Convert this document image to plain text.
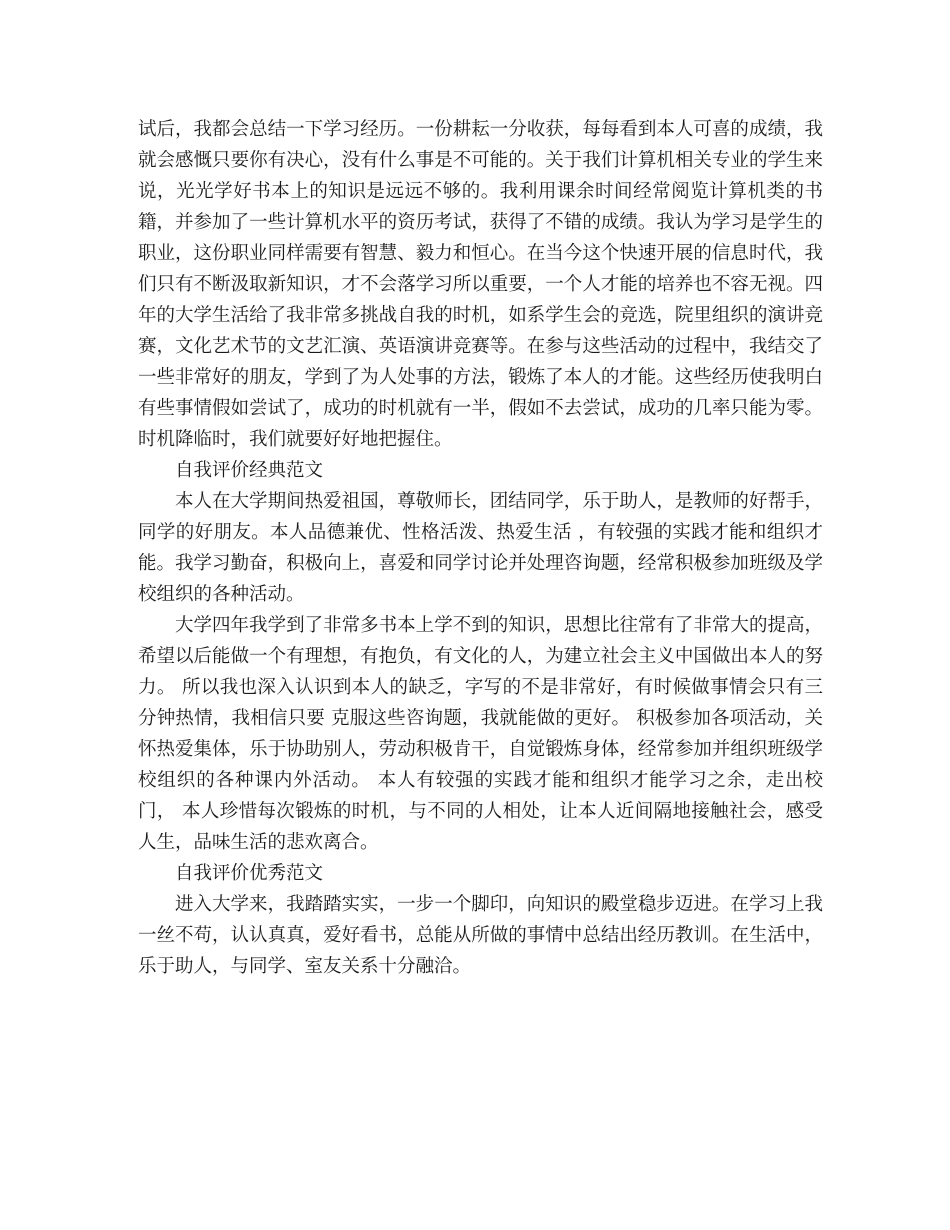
试后，我都会总结一下学习经历。一份耕耘一分收获，每每看到本人可喜的成绩，我就会感慨只要你有决心，没有什么事是不可能的。关于我们计算机相关专业的学生来说，光光学好书本上的知识是远远不够的。我利用课余时间经常阅览计算机类的书籍，并参加了一些计算机水平的资历考试，获得了不错的成绩。我认为学习是学生的职业，这份职业同样需要有智慧、毅力和恒心。在当今这个快速开展的信息时代，我们只有不断汲取新知识，才不会落学习所以重要，一个人才能的培养也不容无视。四年的大学生活给了我非常多挑战自我的时机，如系学生会的竞选，院里组织的演讲竞赛，文化艺术节的文艺汇演、英语演讲竞赛等。在参与这些活动的过程中，我结交了一些非常好的朋友，学到了为人处事的方法，锻炼了本人的才能。这些经历使我明白有些事情假如尝试了，成功的时机就有一半，假如不去尝试，成功的几率只能为零。时机降临时，我们就要好好地把握住。

自我评价经典范文

本人在大学期间热爱祖国，尊敬师长，团结同学，乐于助人，是教师的好帮手，同学的好朋友。本人品德兼优、性格活泼、热爱生活 ，有较强的实践才能和组织才能。我学习勤奋，积极向上，喜爱和同学讨论并处理咨询题，经常积极参加班级及学校组织的各种活动。

大学四年我学到了非常多书本上学不到的知识，思想比往常有了非常大的提高，希望以后能做一个有理想，有抱负，有文化的人，为建立社会主义中国做出本人的努力。 所以我也深入认识到本人的缺乏，字写的不是非常好，有时候做事情会只有三分钟热情，我相信只要 克服这些咨询题，我就能做的更好。 积极参加各项活动，关怀热爱集体，乐于协助别人，劳动积极肯干，自觉锻炼身体，经常参加并组织班级学校组织的各种课内外活动。 本人有较强的实践才能和组织才能学习之余，走出校门， 本人珍惜每次锻炼的时机，与不同的人相处，让本人近间隔地接触社会，感受人生，品味生活的悲欢离合。

自我评价优秀范文

进入大学来，我踏踏实实，一步一个脚印，向知识的殿堂稳步迈进。在学习上我一丝不苟，认认真真，爱好看书，总能从所做的事情中总结出经历教训。在生活中，乐于助人，与同学、室友关系十分融洽。
